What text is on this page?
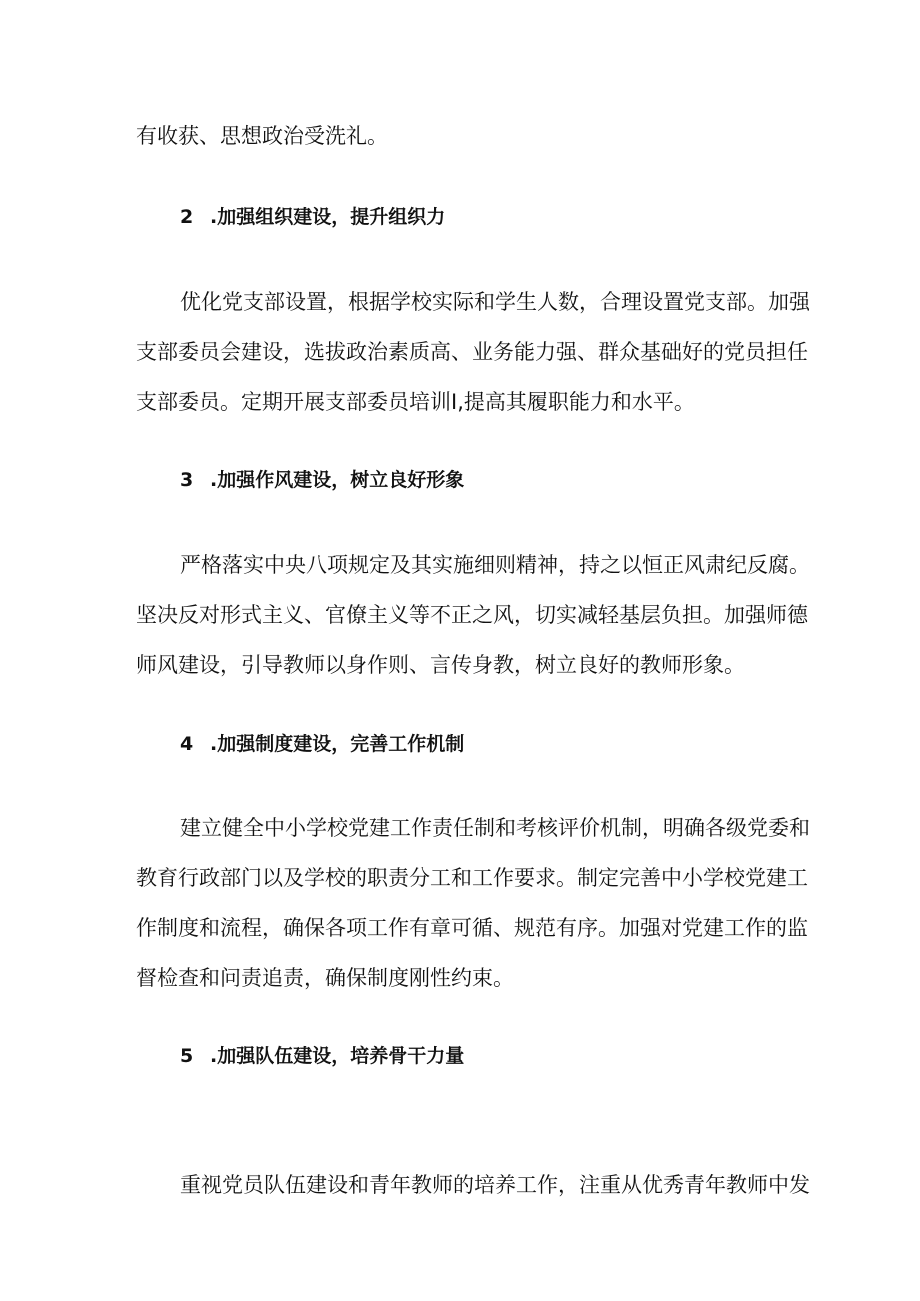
有收获、思想政治受洗礼。
2 .加强组织建设，提升组织力
优化党支部设置，根据学校实际和学生人数，合理设置党支部。加强
支部委员会建设，选拔政治素质高、业务能力强、群众基础好的党员担任
支部委员。定期开展支部委员培训I,提高其履职能力和水平。
3 .加强作风建设，树立良好形象
严格落实中央八项规定及其实施细则精神，持之以恒正风肃纪反腐。
坚决反对形式主义、官僚主义等不正之风，切实减轻基层负担。加强师德
师风建设，引导教师以身作则、言传身教，树立良好的教师形象。
4 .加强制度建设，完善工作机制
建立健全中小学校党建工作责任制和考核评价机制，明确各级党委和
教育行政部门以及学校的职责分工和工作要求。制定完善中小学校党建工
作制度和流程，确保各项工作有章可循、规范有序。加强对党建工作的监
督检查和问责追责，确保制度刚性约束。
5 .加强队伍建设，培养骨干力量
重视党员队伍建设和青年教师的培养工作，注重从优秀青年教师中发
